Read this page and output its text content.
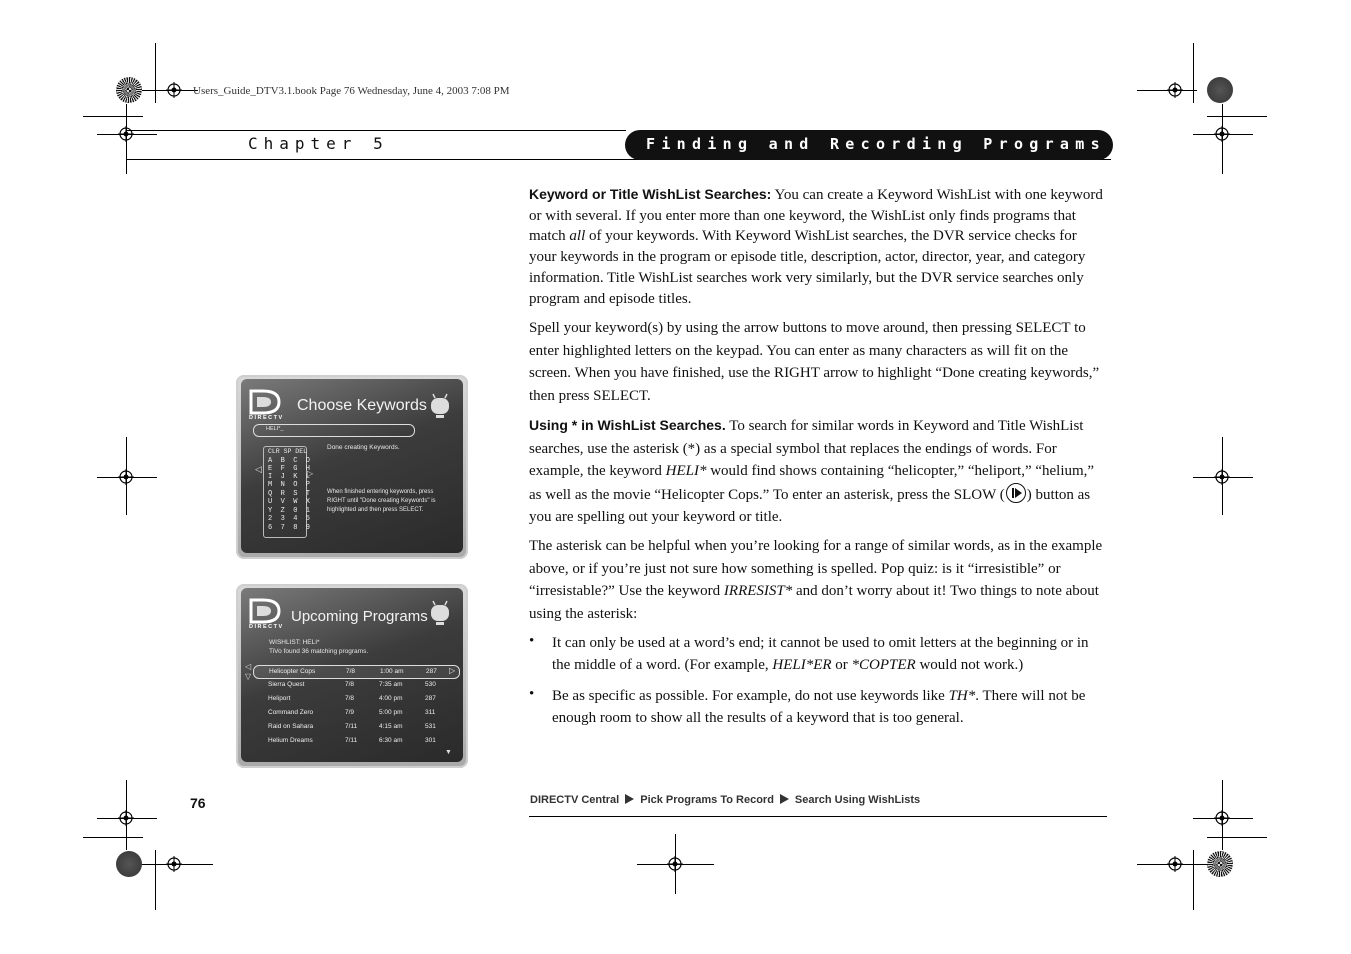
Users_Guide_DTV3.1.book Page 76 Wednesday, June 4, 2003 7:08 PM
Chapter 5	Finding and Recording Programs

Keyword or Title WishList Searches: You can create a Keyword WishList with one keyword or with several. If you enter more than one keyword, the WishList only finds programs that match all of your keywords. With Keyword WishList searches, the DVR service checks for your keywords in the program or episode title, description, actor, director, year, and category information. Title WishList searches work very similarly, but the DVR service searches only program and episode titles.

Spell your keyword(s) by using the arrow buttons to move around, then pressing SELECT to enter highlighted letters on the keypad. You can enter as many characters as will fit on the screen. When you have finished, use the RIGHT arrow to highlight “Done creating keywords,” then press SELECT.

Using * in WishList Searches. To search for similar words in Keyword and Title WishList searches, use the asterisk (*) as a special symbol that replaces the endings of words. For example, the keyword HELI* would find shows containing “helicopter,” “heliport,” “helium,” as well as the movie “Helicopter Cops.” To enter an asterisk, press the SLOW ( ) button as you are spelling out your keyword or title.

The asterisk can be helpful when you’re looking for a range of similar words, as in the example above, or if you’re just not sure how something is spelled. Pop quiz: is it “irresistible” or “irresistable?” Use the keyword IRRESIST* and don’t worry about it! Two things to note about using the asterisk:

• It can only be used at a word’s end; it cannot be used to omit letters at the beginning or in the middle of a word. (For example, HELI*ER or *COPTER would not work.)

• Be as specific as possible. For example, do not use keywords like TH*. There will not be enough room to show all the results of a keyword that is too general.

DIRECTV
Choose Keywords
HELI*_
CLR SP DEL
A  B  C  D
E  F  G  H
I  J  K  L
M  N  O  P
Q  R  S  T
U  V  W  X
Y  Z  0  1
2  3  4  5
6  7  8  9
◁	▷
Done creating Keywords.
When finished entering keywords, press
RIGHT until "Done creating Keywords" is
highlighted and then press SELECT.
DIRECTV
Upcoming Programs
WISHLIST: HELI*
TiVo found 36 matching programs.
◁
▽
Helicopter Cops	7/8	1:00 am	287 ▷
Sierra Quest	7/8	7:35 am	530
Heliport	7/8	4:00 pm	287
Command Zero	7/9	5:00 pm	311
Raid on Sahara	7/11	4:15 am	531
Helium Dreams	7/11	6:30 am	301
▼
76	DIRECTV Central Pick Programs To Record Search Using WishLists
